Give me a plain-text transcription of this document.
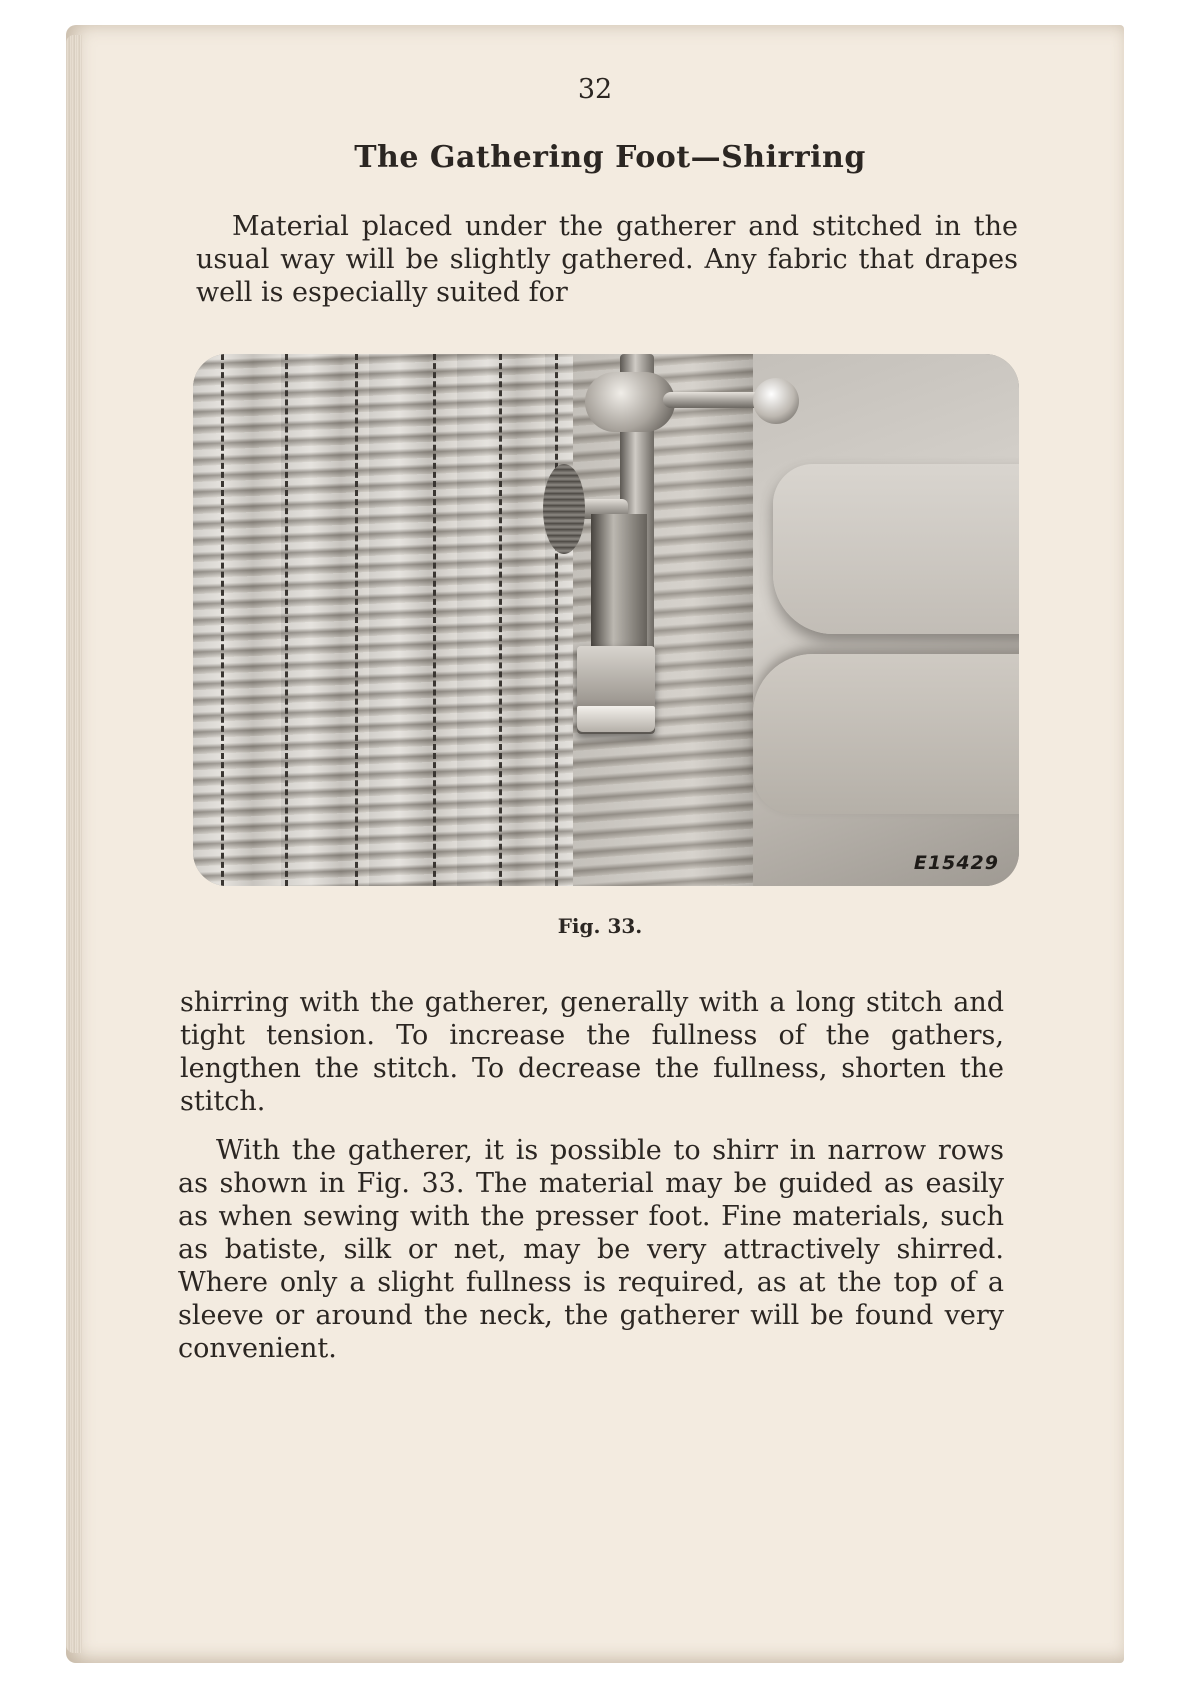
32
The Gathering Foot—Shirring
Material placed under the gatherer and stitched in the usual way will be slightly gathered. Any fabric that drapes well is especially suited for
E15429
Fig. 33.
shirring with the gatherer, generally with a long stitch and tight tension. To increase the fullness of the gathers, lengthen the stitch. To decrease the fullness, shorten the stitch.
With the gatherer, it is possible to shirr in narrow rows as shown in Fig. 33. The material may be guided as easily as when sewing with the presser foot. Fine materials, such as batiste, silk or net, may be very attractively shirred. Where only a slight fullness is required, as at the top of a sleeve or around the neck, the gatherer will be found very convenient.
